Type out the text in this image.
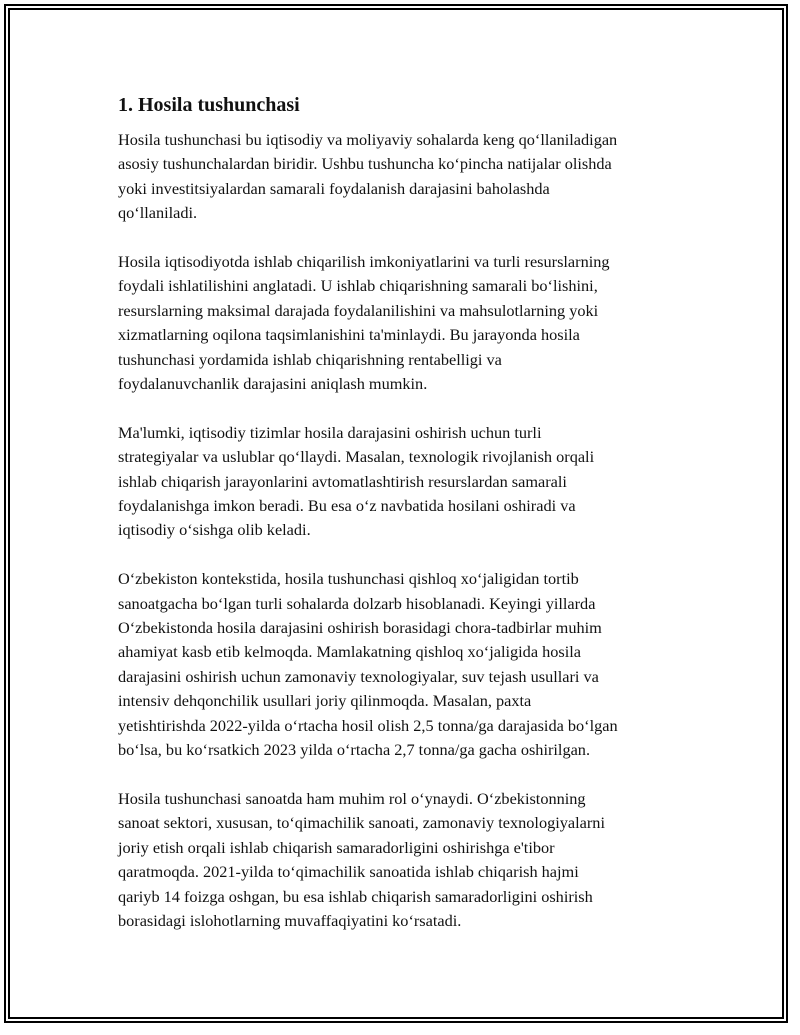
1. Hosila tushunchasi

Hosila tushunchasi bu iqtisodiy va moliyaviy sohalarda keng qo‘llaniladigan
asosiy tushunchalardan biridir. Ushbu tushuncha ko‘pincha natijalar olishda
yoki investitsiyalardan samarali foydalanish darajasini baholashda
qo‘llaniladi.

Hosila iqtisodiyotda ishlab chiqarilish imkoniyatlarini va turli resurslarning
foydali ishlatilishini anglatadi. U ishlab chiqarishning samarali bo‘lishini,
resurslarning maksimal darajada foydalanilishini va mahsulotlarning yoki
xizmatlarning oqilona taqsimlanishini ta'minlaydi. Bu jarayonda hosila
tushunchasi yordamida ishlab chiqarishning rentabelligi va
foydalanuvchanlik darajasini aniqlash mumkin.

Ma'lumki, iqtisodiy tizimlar hosila darajasini oshirish uchun turli
strategiyalar va uslublar qo‘llaydi. Masalan, texnologik rivojlanish orqali
ishlab chiqarish jarayonlarini avtomatlashtirish resurslardan samarali
foydalanishga imkon beradi. Bu esa o‘z navbatida hosilani oshiradi va
iqtisodiy o‘sishga olib keladi.

O‘zbekiston kontekstida, hosila tushunchasi qishloq xo‘jaligidan tortib
sanoatgacha bo‘lgan turli sohalarda dolzarb hisoblanadi. Keyingi yillarda
O‘zbekistonda hosila darajasini oshirish borasidagi chora-tadbirlar muhim
ahamiyat kasb etib kelmoqda. Mamlakatning qishloq xo‘jaligida hosila
darajasini oshirish uchun zamonaviy texnologiyalar, suv tejash usullari va
intensiv dehqonchilik usullari joriy qilinmoqda. Masalan, paxta
yetishtirishda 2022-yilda o‘rtacha hosil olish 2,5 tonna/ga darajasida bo‘lgan
bo‘lsa, bu ko‘rsatkich 2023 yilda o‘rtacha 2,7 tonna/ga gacha oshirilgan.

Hosila tushunchasi sanoatda ham muhim rol o‘ynaydi. O‘zbekistonning
sanoat sektori, xususan, to‘qimachilik sanoati, zamonaviy texnologiyalarni
joriy etish orqali ishlab chiqarish samaradorligini oshirishga e'tibor
qaratmoqda. 2021-yilda to‘qimachilik sanoatida ishlab chiqarish hajmi
qariyb 14 foizga oshgan, bu esa ishlab chiqarish samaradorligini oshirish
borasidagi islohotlarning muvaffaqiyatini ko‘rsatadi.
